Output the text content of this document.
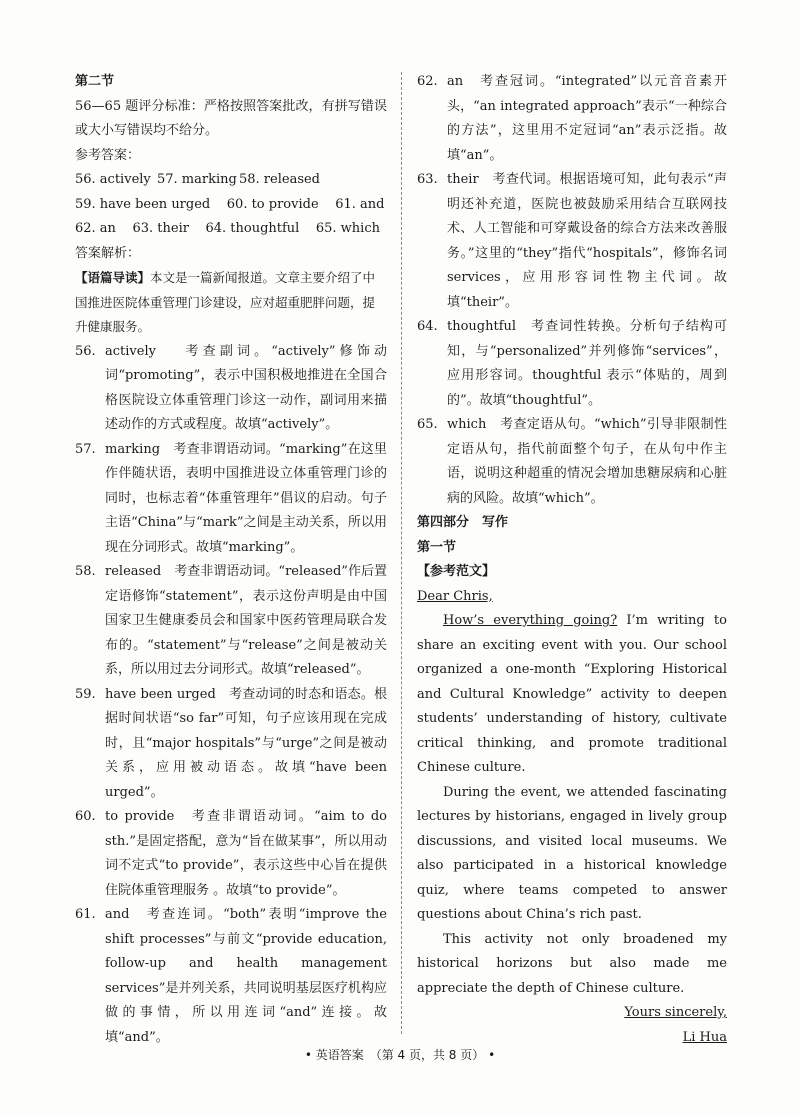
第二节
56—65 题评分标准：严格按照答案批改，有拼写错误或大小写错误均不给分。
参考答案：
56. actively 57. marking 58. released
59. have been urged 60. to provide 61. and
62. an 63. their 64. thoughtful 65. which
答案解析：
【语篇导读】本文是一篇新闻报道。文章主要介绍了中国推进医院体重管理门诊建设，应对超重肥胖问题，提升健康服务。
56. actively　 考查副词。“actively”修饰动词“promoting”，表示中国积极地推进在全国合格医院设立体重管理门诊这一动作，副词用来描述动作的方式或程度。故填“actively”。
57. marking　考查非谓语动词。“marking”在这里作伴随状语，表明中国推进设立体重管理门诊的同时，也标志着“体重管理年”倡议的启动。句子主语“China”与“mark”之间是主动关系，所以用现在分词形式。故填“marking”。
58. released　考查非谓语动词。“released”作后置定语修饰“statement”，表示这份声明是由中国国家卫生健康委员会和国家中医药管理局联合发布的。“statement”与“release”之间是被动关系，所以用过去分词形式。故填“released”。
59. have been urged　考查动词的时态和语态。根据时间状语“so far”可知，句子应该用现在完成时，且“major hospitals”与“urge”之间是被动关系，应用被动语态。故填“have been urged”。
60. to provide　考查非谓语动词。“aim to do sth.”是固定搭配，意为“旨在做某事”，所以用动词不定式“to provide”，表示这些中心旨在提供住院体重管理服务 。故填“to provide”。
61. and　考查连词。“both”表明“improve the shift processes”与前文“provide education, follow-up and health management services”是并列关系，共同说明基层医疗机构应做的事情，所以用连词“and”连接。故填“and”。
62. an　考查冠词。“integrated”以元音音素开头，“an integrated approach”表示“一种综合的方法”，这里用不定冠词“an”表示泛指。故填“an”。
63. their　考查代词。根据语境可知，此句表示“声明还补充道，医院也被鼓励采用结合互联网技术、人工智能和可穿戴设备的综合方法来改善服务。”这里的“they”指代“hospitals”，修饰名词 services，应用形容词性物主代词。故填“their”。
64. thoughtful　考查词性转换。分析句子结构可知，与“personalized”并列修饰“services”，应用形容词。thoughtful 表示“体贴的，周到的”。故填“thoughtful”。
65. which　考查定语从句。“which”引导非限制性定语从句，指代前面整个句子，在从句中作主语，说明这种超重的情况会增加患糖尿病和心脏病的风险。故填“which”。
第四部分　写作
第一节
【参考范文】
Dear Chris,

How’s everything going? I’m writing to share an exciting event with you. Our school organized a one-month “Exploring Historical and Cultural Knowledge” activity to deepen students’ understanding of history, cultivate critical thinking, and promote traditional Chinese culture.

During the event, we attended fascinating lectures by historians, engaged in lively group discussions, and visited local museums. We also participated in a historical knowledge quiz, where teams competed to answer questions about China’s rich past.

This activity not only broadened my historical horizons but also made me appreciate the depth of Chinese culture.

Yours sincerely,
Li Hua
• 英语答案　（第 4 页，共 8 页） •
